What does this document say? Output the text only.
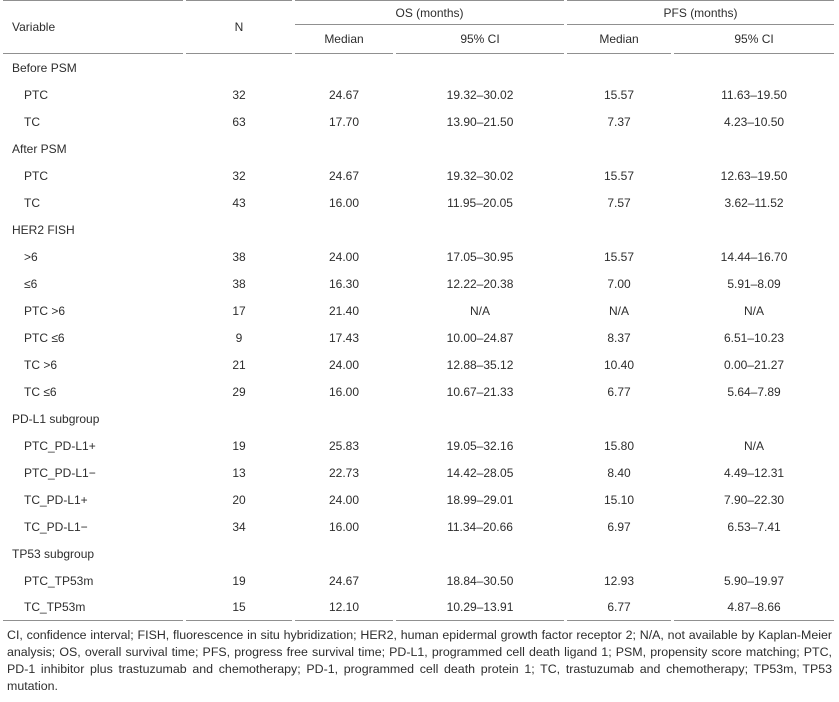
Variable	N	OS (months)		PFS (months)	
		Median	95% CI	Median	95% CI
Before PSM					
PTC	32	24.67	19.32–30.02	15.57	11.63–19.50
TC	63	17.70	13.90–21.50	7.37	4.23–10.50
After PSM					
PTC	32	24.67	19.32–30.02	15.57	12.63–19.50
TC	43	16.00	11.95–20.05	7.57	3.62–11.52
HER2 FISH					
>6	38	24.00	17.05–30.95	15.57	14.44–16.70
≤6	38	16.30	12.22–20.38	7.00	5.91–8.09
PTC >6	17	21.40	N/A	N/A	N/A
PTC ≤6	9	17.43	10.00–24.87	8.37	6.51–10.23
TC >6	21	24.00	12.88–35.12	10.40	0.00–21.27
TC ≤6	29	16.00	10.67–21.33	6.77	5.64–7.89
PD-L1 subgroup					
PTC_PD-L1+	19	25.83	19.05–32.16	15.80	N/A
PTC_PD-L1−	13	22.73	14.42–28.05	8.40	4.49–12.31
TC_PD-L1+	20	24.00	18.99–29.01	15.10	7.90–22.30
TC_PD-L1−	34	16.00	11.34–20.66	6.97	6.53–7.41
TP53 subgroup					
PTC_TP53m	19	24.67	18.84–30.50	12.93	5.90–19.97
TC_TP53m	15	12.10	10.29–13.91	6.77	4.87–8.66

CI, confidence interval; FISH, fluorescence in situ hybridization; HER2, human epidermal growth factor receptor 2; N/A, not available by Kaplan-Meier analysis; OS, overall survival time; PFS, progress free survival time; PD-L1, programmed cell death ligand 1; PSM, propensity score matching; PTC, PD-1 inhibitor plus trastuzumab and chemotherapy; PD-1, programmed cell death protein 1; TC, trastuzumab and chemotherapy; TP53m, TP53 mutation.
